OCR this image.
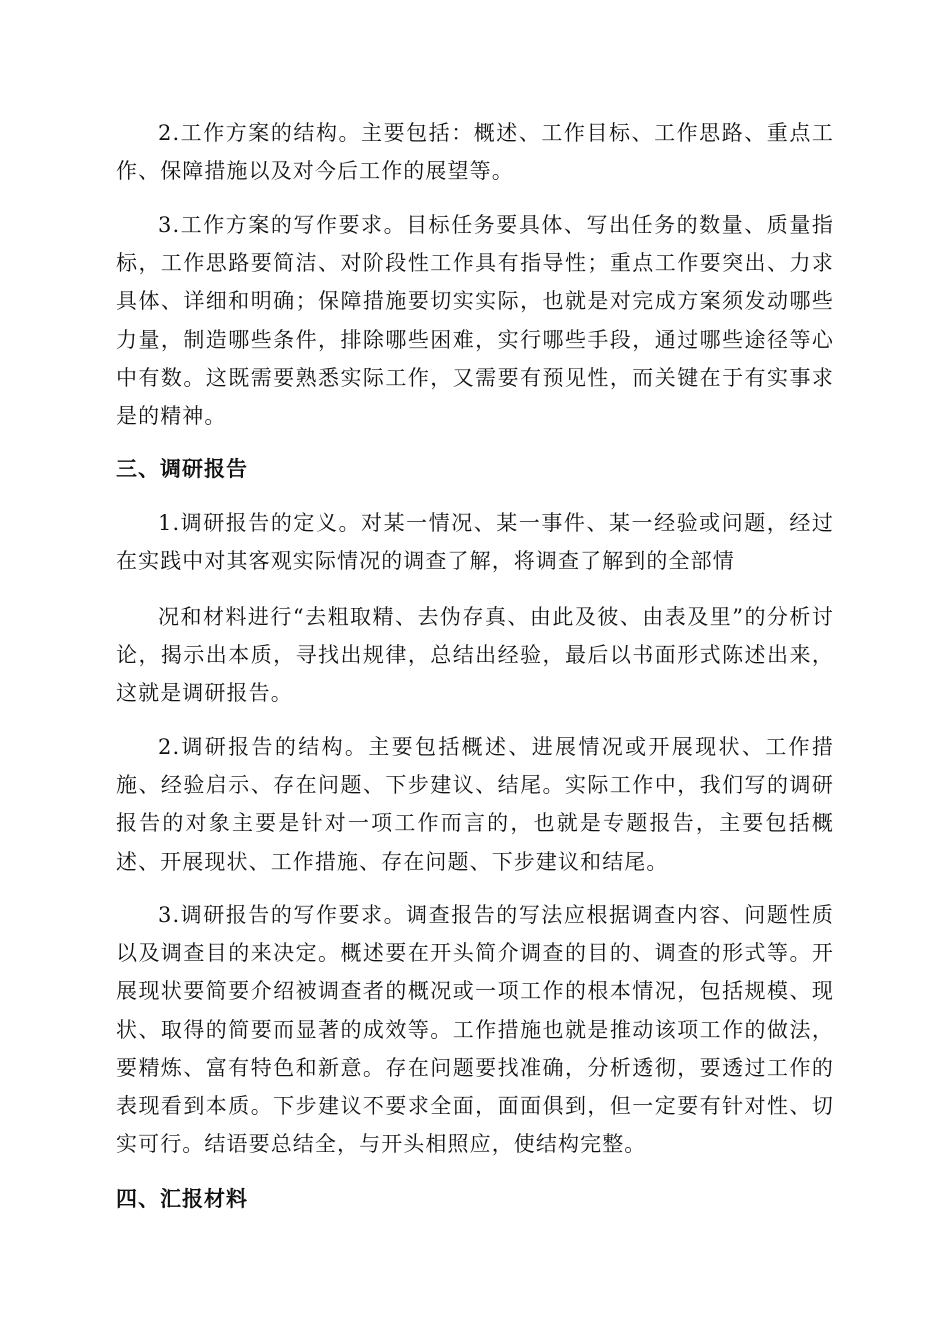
2.工作方案的结构。主要包括：概述、工作目标、工作思路、重点工作、保障措施以及对今后工作的展望等。

3.工作方案的写作要求。目标任务要具体、写出任务的数量、质量指标，工作思路要简洁、对阶段性工作具有指导性；重点工作要突出、力求具体、详细和明确；保障措施要切实实际，也就是对完成方案须发动哪些力量，制造哪些条件，排除哪些困难，实行哪些手段，通过哪些途径等心中有数。这既需要熟悉实际工作，又需要有预见性，而关键在于有实事求是的精神。

三、调研报告

1.调研报告的定义。对某一情况、某一事件、某一经验或问题，经过在实践中对其客观实际情况的调查了解，将调查了解到的全部情

况和材料进行“去粗取精、去伪存真、由此及彼、由表及里”的分析讨论，揭示出本质，寻找出规律，总结出经验，最后以书面形式陈述出来，这就是调研报告。

2.调研报告的结构。主要包括概述、进展情况或开展现状、工作措施、经验启示、存在问题、下步建议、结尾。实际工作中，我们写的调研报告的对象主要是针对一项工作而言的，也就是专题报告，主要包括概述、开展现状、工作措施、存在问题、下步建议和结尾。

3.调研报告的写作要求。调查报告的写法应根据调查内容、问题性质以及调查目的来决定。概述要在开头简介调查的目的、调查的形式等。开展现状要简要介绍被调查者的概况或一项工作的根本情况，包括规模、现状、取得的简要而显著的成效等。工作措施也就是推动该项工作的做法，要精炼、富有特色和新意。存在问题要找准确，分析透彻，要透过工作的表现看到本质。下步建议不要求全面，面面俱到，但一定要有针对性、切实可行。结语要总结全，与开头相照应，使结构完整。

四、汇报材料
